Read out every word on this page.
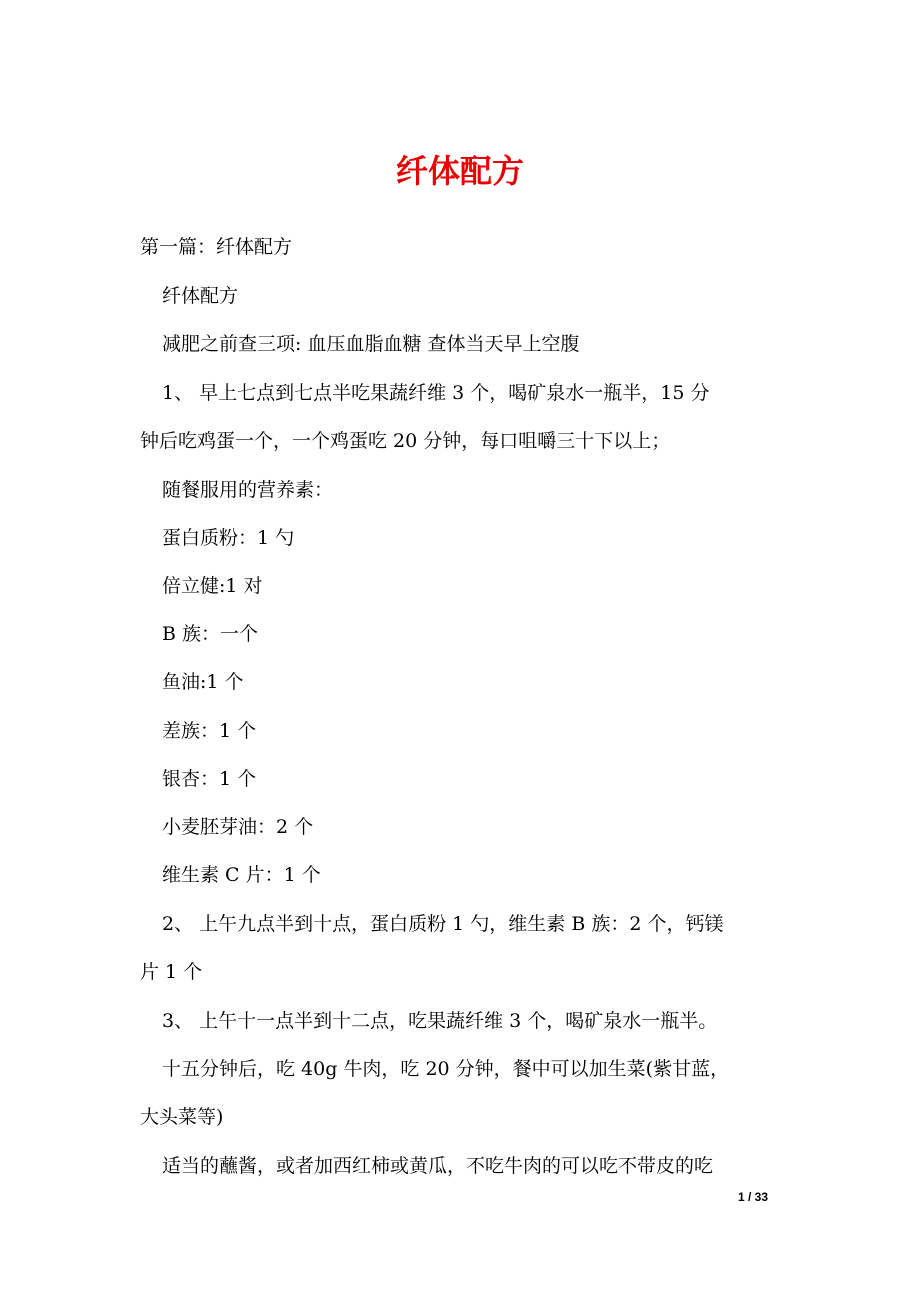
纤体配方
第一篇：纤体配方
纤体配方
减肥之前查三项: 血压血脂血糖 查体当天早上空腹
1、 早上七点到七点半吃果蔬纤维 3 个，喝矿泉水一瓶半，15 分
钟后吃鸡蛋一个，一个鸡蛋吃 20 分钟，每口咀嚼三十下以上；
随餐服用的营养素：
蛋白质粉：1 勺
倍立健:1 对
B 族：一个
鱼油:1 个
差族：1 个
银杏：1 个
小麦胚芽油：2 个
维生素 C 片：1 个
2、 上午九点半到十点，蛋白质粉 1 勺，维生素 B 族：2 个，钙镁
片 1 个
3、 上午十一点半到十二点，吃果蔬纤维 3 个，喝矿泉水一瓶半。
十五分钟后，吃 40g 牛肉，吃 20 分钟，餐中可以加生菜(紫甘蓝，
大头菜等)
适当的蘸酱，或者加西红柿或黄瓜，不吃牛肉的可以吃不带皮的吃
1 / 33
